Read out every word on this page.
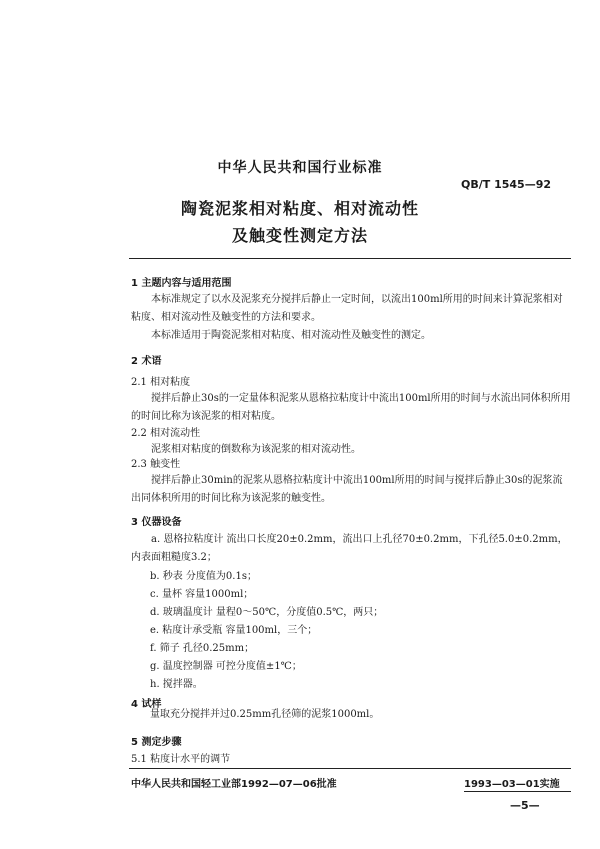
中华人民共和国行业标准
QB/T 1545—92
陶瓷泥浆相对粘度、相对流动性
及触变性测定方法
1 主题内容与适用范围
本标准规定了以水及泥浆充分搅拌后静止一定时间，以流出100ml所用的时间来计算泥浆相对粘度、相对流动性及触变性的方法和要求。
本标准适用于陶瓷泥浆相对粘度、相对流动性及触变性的测定。
2 术语
2.1 相对粘度
搅拌后静止30s的一定量体积泥浆从恩格拉粘度计中流出100ml所用的时间与水流出同体积所用的时间比称为该泥浆的相对粘度。
2.2 相对流动性
泥浆相对粘度的倒数称为该泥浆的相对流动性。
2.3 触变性
搅拌后静止30min的泥浆从恩格拉粘度计中流出100ml所用的时间与搅拌后静止30s的泥浆流出同体积所用的时间比称为该泥浆的触变性。
3 仪器设备
a. 恩格拉粘度计 流出口长度20±0.2mm，流出口上孔径70±0.2mm，下孔径5.0±0.2mm，内表面粗糙度3.2；
b. 秒表 分度值为0.1s；
c. 量杯 容量1000ml；
d. 玻璃温度计 量程0～50℃，分度值0.5℃，两只；
e. 粘度计承受瓶 容量100ml，三个；
f. 筛子 孔径0.25mm；
g. 温度控制器 可控分度值±1℃；
h. 搅拌器。
4 试样
量取充分搅拌并过0.25mm孔径筛的泥浆1000ml。
5 测定步骤
5.1 粘度计水平的调节
中华人民共和国轻工业部1992—07—06批准	1993—03—01实施
—5—
